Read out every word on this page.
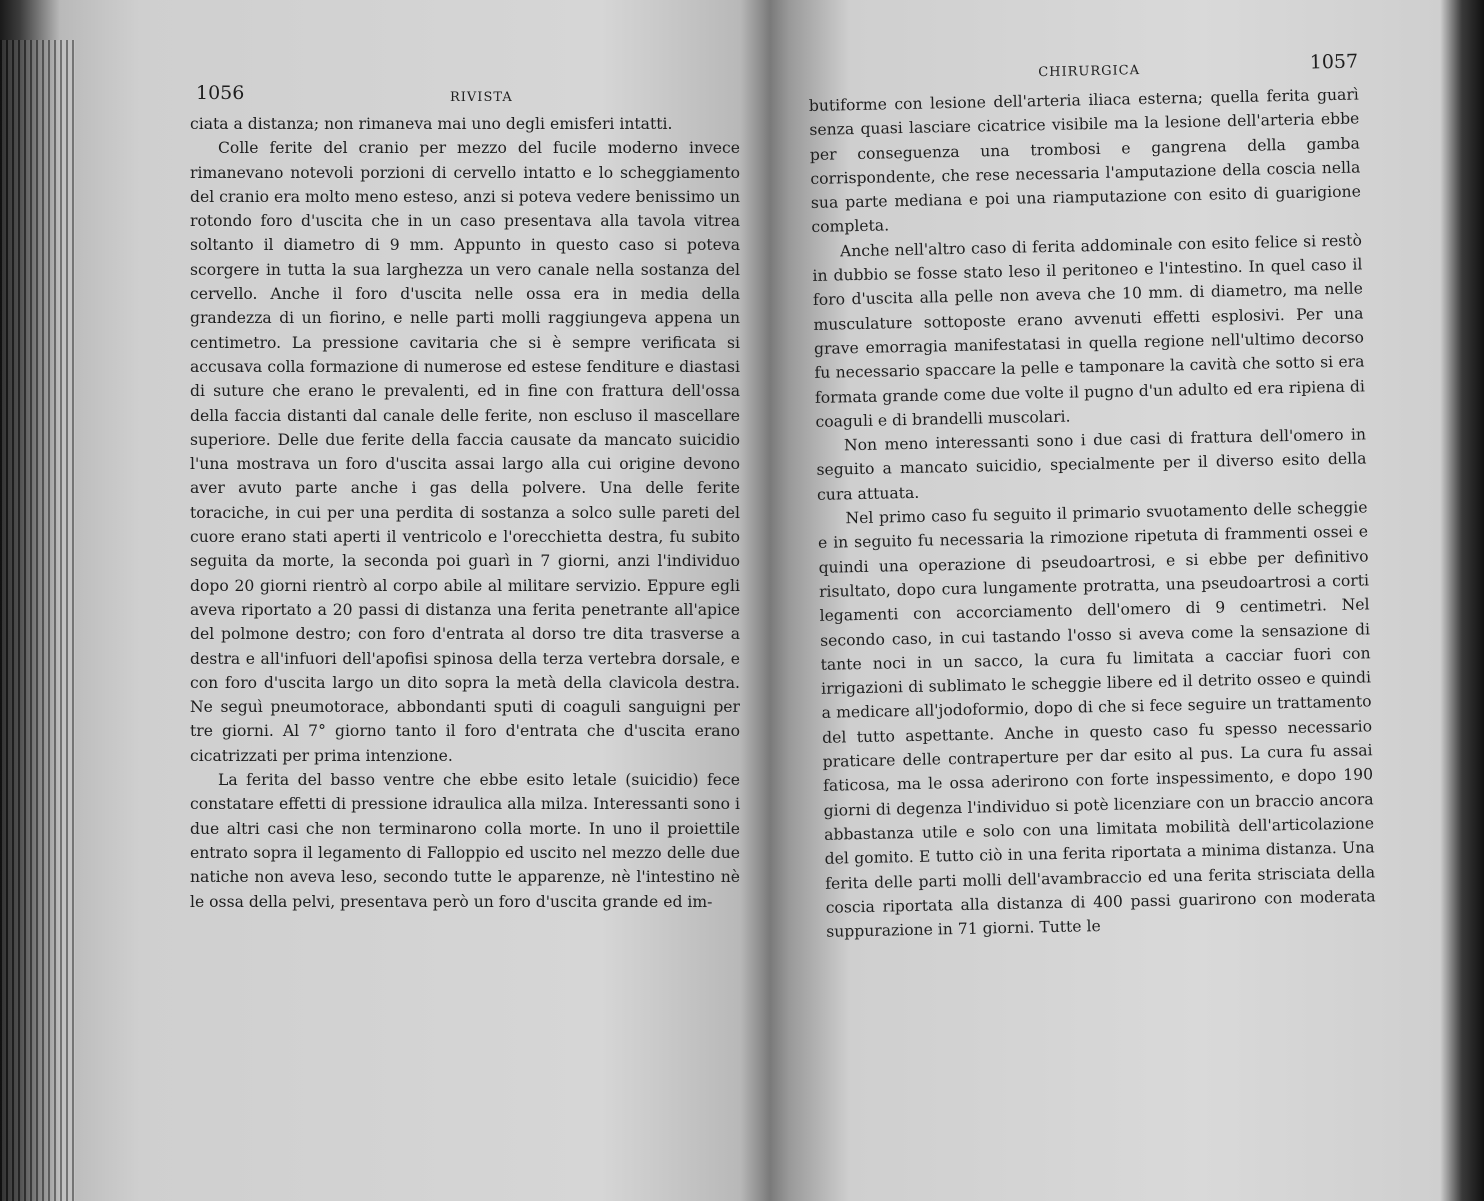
1056	RIVISTA

ciata a distanza; non rimaneva mai uno degli emisferi intatti.

Colle ferite del cranio per mezzo del fucile moderno invece rimanevano notevoli porzioni di cervello intatto e lo scheggiamento del cranio era molto meno esteso, anzi si poteva vedere benissimo un rotondo foro d'uscita che in un caso presentava alla tavola vitrea soltanto il diametro di 9 mm. Appunto in questo caso si poteva scorgere in tutta la sua larghezza un vero canale nella sostanza del cervello. Anche il foro d'uscita nelle ossa era in media della grandezza di un fiorino, e nelle parti molli raggiungeva appena un centimetro. La pressione cavitaria che si è sempre verificata si accusava colla formazione di numerose ed estese fenditure e diastasi di suture che erano le prevalenti, ed in fine con frattura dell'ossa della faccia distanti dal canale delle ferite, non escluso il mascellare superiore. Delle due ferite della faccia causate da mancato suicidio l'una mostrava un foro d'uscita assai largo alla cui origine devono aver avuto parte anche i gas della polvere. Una delle ferite toraciche, in cui per una perdita di sostanza a solco sulle pareti del cuore erano stati aperti il ventricolo e l'orecchietta destra, fu subito seguita da morte, la seconda poi guarì in 7 giorni, anzi l'individuo dopo 20 giorni rientrò al corpo abile al militare servizio. Eppure egli aveva riportato a 20 passi di distanza una ferita penetrante all'apice del polmone destro; con foro d'entrata al dorso tre dita trasverse a destra e all'infuori dell'apofisi spinosa della terza vertebra dorsale, e con foro d'uscita largo un dito sopra la metà della clavicola destra. Ne seguì pneumotorace, abbondanti sputi di coaguli sanguigni per tre giorni. Al 7° giorno tanto il foro d'entrata che d'uscita erano cicatrizzati per prima intenzione.

La ferita del basso ventre che ebbe esito letale (suicidio) fece constatare effetti di pressione idraulica alla milza. Interessanti sono i due altri casi che non terminarono colla morte. In uno il proiettile entrato sopra il legamento di Falloppio ed uscito nel mezzo delle due natiche non aveva leso, secondo tutte le apparenze, nè l'intestino nè le ossa della pelvi, presentava però un foro d'uscita grande ed im-

CHIRURGICA	1057

butiforme con lesione dell'arteria iliaca esterna; quella ferita guarì senza quasi lasciare cicatrice visibile ma la lesione dell'arteria ebbe per conseguenza una trombosi e gangrena della gamba corrispondente, che rese necessaria l'amputazione della coscia nella sua parte mediana e poi una riamputazione con esito di guarigione completa.

Anche nell'altro caso di ferita addominale con esito felice si restò in dubbio se fosse stato leso il peritoneo e l'intestino. In quel caso il foro d'uscita alla pelle non aveva che 10 mm. di diametro, ma nelle musculature sottoposte erano avvenuti effetti esplosivi. Per una grave emorragia manifestatasi in quella regione nell'ultimo decorso fu necessario spaccare la pelle e tamponare la cavità che sotto si era formata grande come due volte il pugno d'un adulto ed era ripiena di coaguli e di brandelli muscolari.

Non meno interessanti sono i due casi di frattura dell'omero in seguito a mancato suicidio, specialmente per il diverso esito della cura attuata.

Nel primo caso fu seguito il primario svuotamento delle scheggie e in seguito fu necessaria la rimozione ripetuta di frammenti ossei e quindi una operazione di pseudoartrosi, e si ebbe per definitivo risultato, dopo cura lungamente protratta, una pseudoartrosi a corti legamenti con accorciamento dell'omero di 9 centimetri. Nel secondo caso, in cui tastando l'osso si aveva come la sensazione di tante noci in un sacco, la cura fu limitata a cacciar fuori con irrigazioni di sublimato le scheggie libere ed il detrito osseo e quindi a medicare all'jodoformio, dopo di che si fece seguire un trattamento del tutto aspettante. Anche in questo caso fu spesso necessario praticare delle contraperture per dar esito al pus. La cura fu assai faticosa, ma le ossa aderirono con forte inspessimento, e dopo 190 giorni di degenza l'individuo si potè licenziare con un braccio ancora abbastanza utile e solo con una limitata mobilità dell'articolazione del gomito. E tutto ciò in una ferita riportata a minima distanza. Una ferita delle parti molli dell'avambraccio ed una ferita strisciata della coscia riportata alla distanza di 400 passi guarirono con moderata suppurazione in 71 giorni. Tutte le
